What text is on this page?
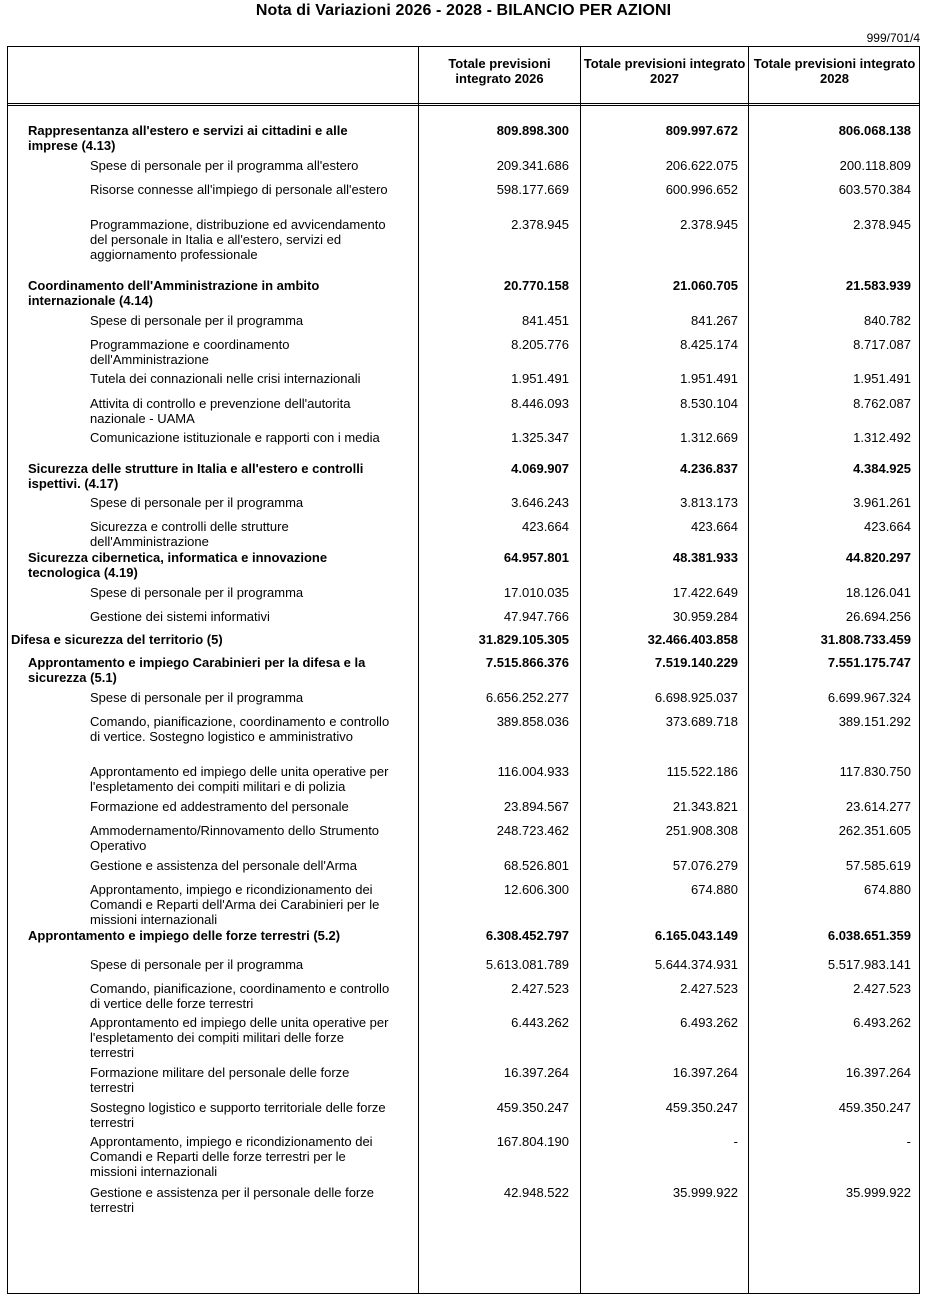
Nota di Variazioni 2026 - 2028 - BILANCIO PER AZIONI
999/701/4
Totale previsioni integrato 2026
Totale previsioni integrato 2027
Totale previsioni integrato 2028
Rappresentanza all'estero e servizi ai cittadini e alle imprese (4.13)
809.898.300	809.997.672	806.068.138
Spese di personale per il programma all'estero	209.341.686	206.622.075	200.118.809
Risorse connesse all'impiego di personale all'estero	598.177.669	600.996.652	603.570.384
Programmazione, distribuzione ed avvicendamento del personale in Italia e all'estero, servizi ed aggiornamento professionale
2.378.945	2.378.945	2.378.945
Coordinamento dell'Amministrazione in ambito internazionale (4.14)
20.770.158	21.060.705	21.583.939
Spese di personale per il programma	841.451	841.267	840.782
Programmazione e coordinamento dell'Amministrazione
8.205.776	8.425.174	8.717.087
Tutela dei connazionali nelle crisi internazionali	1.951.491	1.951.491	1.951.491
Attivita di controllo e prevenzione dell'autorita nazionale - UAMA
8.446.093	8.530.104	8.762.087
Comunicazione istituzionale e rapporti con i media	1.325.347	1.312.669	1.312.492
Sicurezza delle strutture in Italia e all'estero e controlli ispettivi. (4.17)
4.069.907	4.236.837	4.384.925
Spese di personale per il programma	3.646.243	3.813.173	3.961.261
Sicurezza e controlli delle strutture dell'Amministrazione
423.664	423.664	423.664
Sicurezza cibernetica, informatica e innovazione tecnologica (4.19)
64.957.801	48.381.933	44.820.297
Spese di personale per il programma	17.010.035	17.422.649	18.126.041
Gestione dei sistemi informativi	47.947.766	30.959.284	26.694.256
Difesa e sicurezza del territorio (5)	31.829.105.305	32.466.403.858	31.808.733.459
Approntamento e impiego Carabinieri per la difesa e la sicurezza (5.1)
7.515.866.376	7.519.140.229	7.551.175.747
Spese di personale per il programma	6.656.252.277	6.698.925.037	6.699.967.324
Comando, pianificazione, coordinamento e controllo di vertice. Sostegno logistico e amministrativo
389.858.036	373.689.718	389.151.292
Approntamento ed impiego delle unita operative per l'espletamento dei compiti militari e di polizia
116.004.933	115.522.186	117.830.750
Formazione ed addestramento del personale	23.894.567	21.343.821	23.614.277
Ammodernamento/Rinnovamento dello Strumento Operativo
248.723.462	251.908.308	262.351.605
Gestione e assistenza del personale dell'Arma	68.526.801	57.076.279	57.585.619
Approntamento, impiego e ricondizionamento dei Comandi e Reparti dell'Arma dei Carabinieri per le missioni internazionali
12.606.300	674.880	674.880
Approntamento e impiego delle forze terrestri (5.2)	6.308.452.797	6.165.043.149	6.038.651.359
Spese di personale per il programma	5.613.081.789	5.644.374.931	5.517.983.141
Comando, pianificazione, coordinamento e controllo di vertice delle forze terrestri
2.427.523	2.427.523	2.427.523
Approntamento ed impiego delle unita operative per l'espletamento dei compiti militari delle forze terrestri
6.443.262	6.493.262	6.493.262
Formazione militare del personale delle forze terrestri
16.397.264	16.397.264	16.397.264
Sostegno logistico e supporto territoriale delle forze terrestri
459.350.247	459.350.247	459.350.247
Approntamento, impiego e ricondizionamento dei Comandi e Reparti delle forze terrestri per le missioni internazionali
167.804.190	-	-
Gestione e assistenza per il personale delle forze terrestri
42.948.522	35.999.922	35.999.922
